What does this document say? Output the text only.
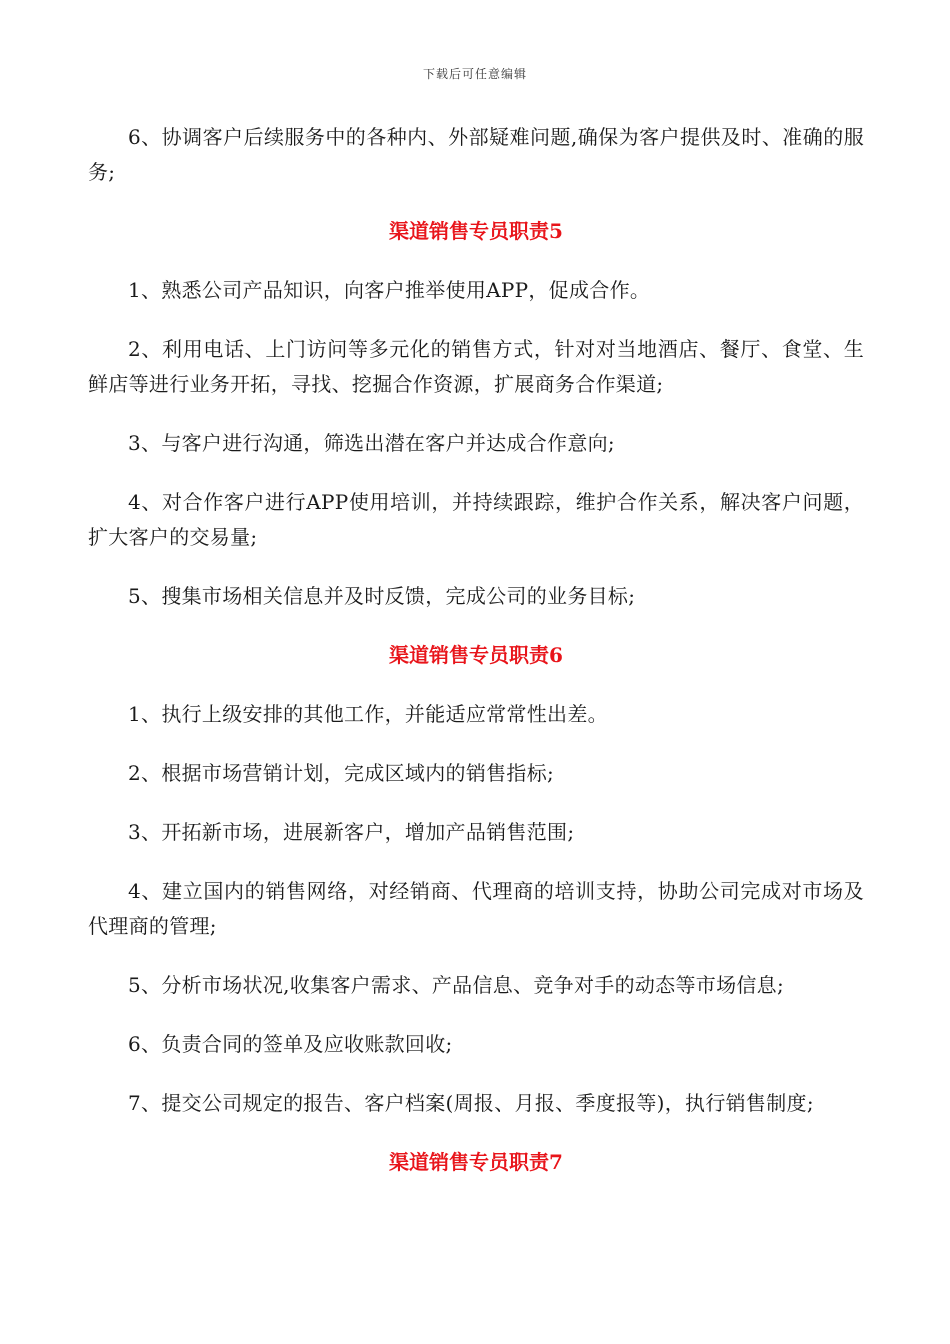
下载后可任意编辑

6、协调客户后续服务中的各种内、外部疑难问题,确保为客户提供及时、准确的服务;

渠道销售专员职责5

1、熟悉公司产品知识，向客户推举使用APP，促成合作。

2、利用电话、上门访问等多元化的销售方式，针对对当地酒店、餐厅、食堂、生鲜店等进行业务开拓，寻找、挖掘合作资源，扩展商务合作渠道;

3、与客户进行沟通，筛选出潜在客户并达成合作意向;

4、对合作客户进行APP使用培训，并持续跟踪，维护合作关系，解决客户问题，扩大客户的交易量;

5、搜集市场相关信息并及时反馈，完成公司的业务目标;

渠道销售专员职责6

1、执行上级安排的其他工作，并能适应常常性出差。

2、根据市场营销计划，完成区域内的销售指标;

3、开拓新市场，进展新客户，增加产品销售范围;

4、建立国内的销售网络，对经销商、代理商的培训支持，协助公司完成对市场及代理商的管理;

5、分析市场状况,收集客户需求、产品信息、竞争对手的动态等市场信息;

6、负责合同的签单及应收账款回收;

7、提交公司规定的报告、客户档案(周报、月报、季度报等)，执行销售制度;

渠道销售专员职责7
